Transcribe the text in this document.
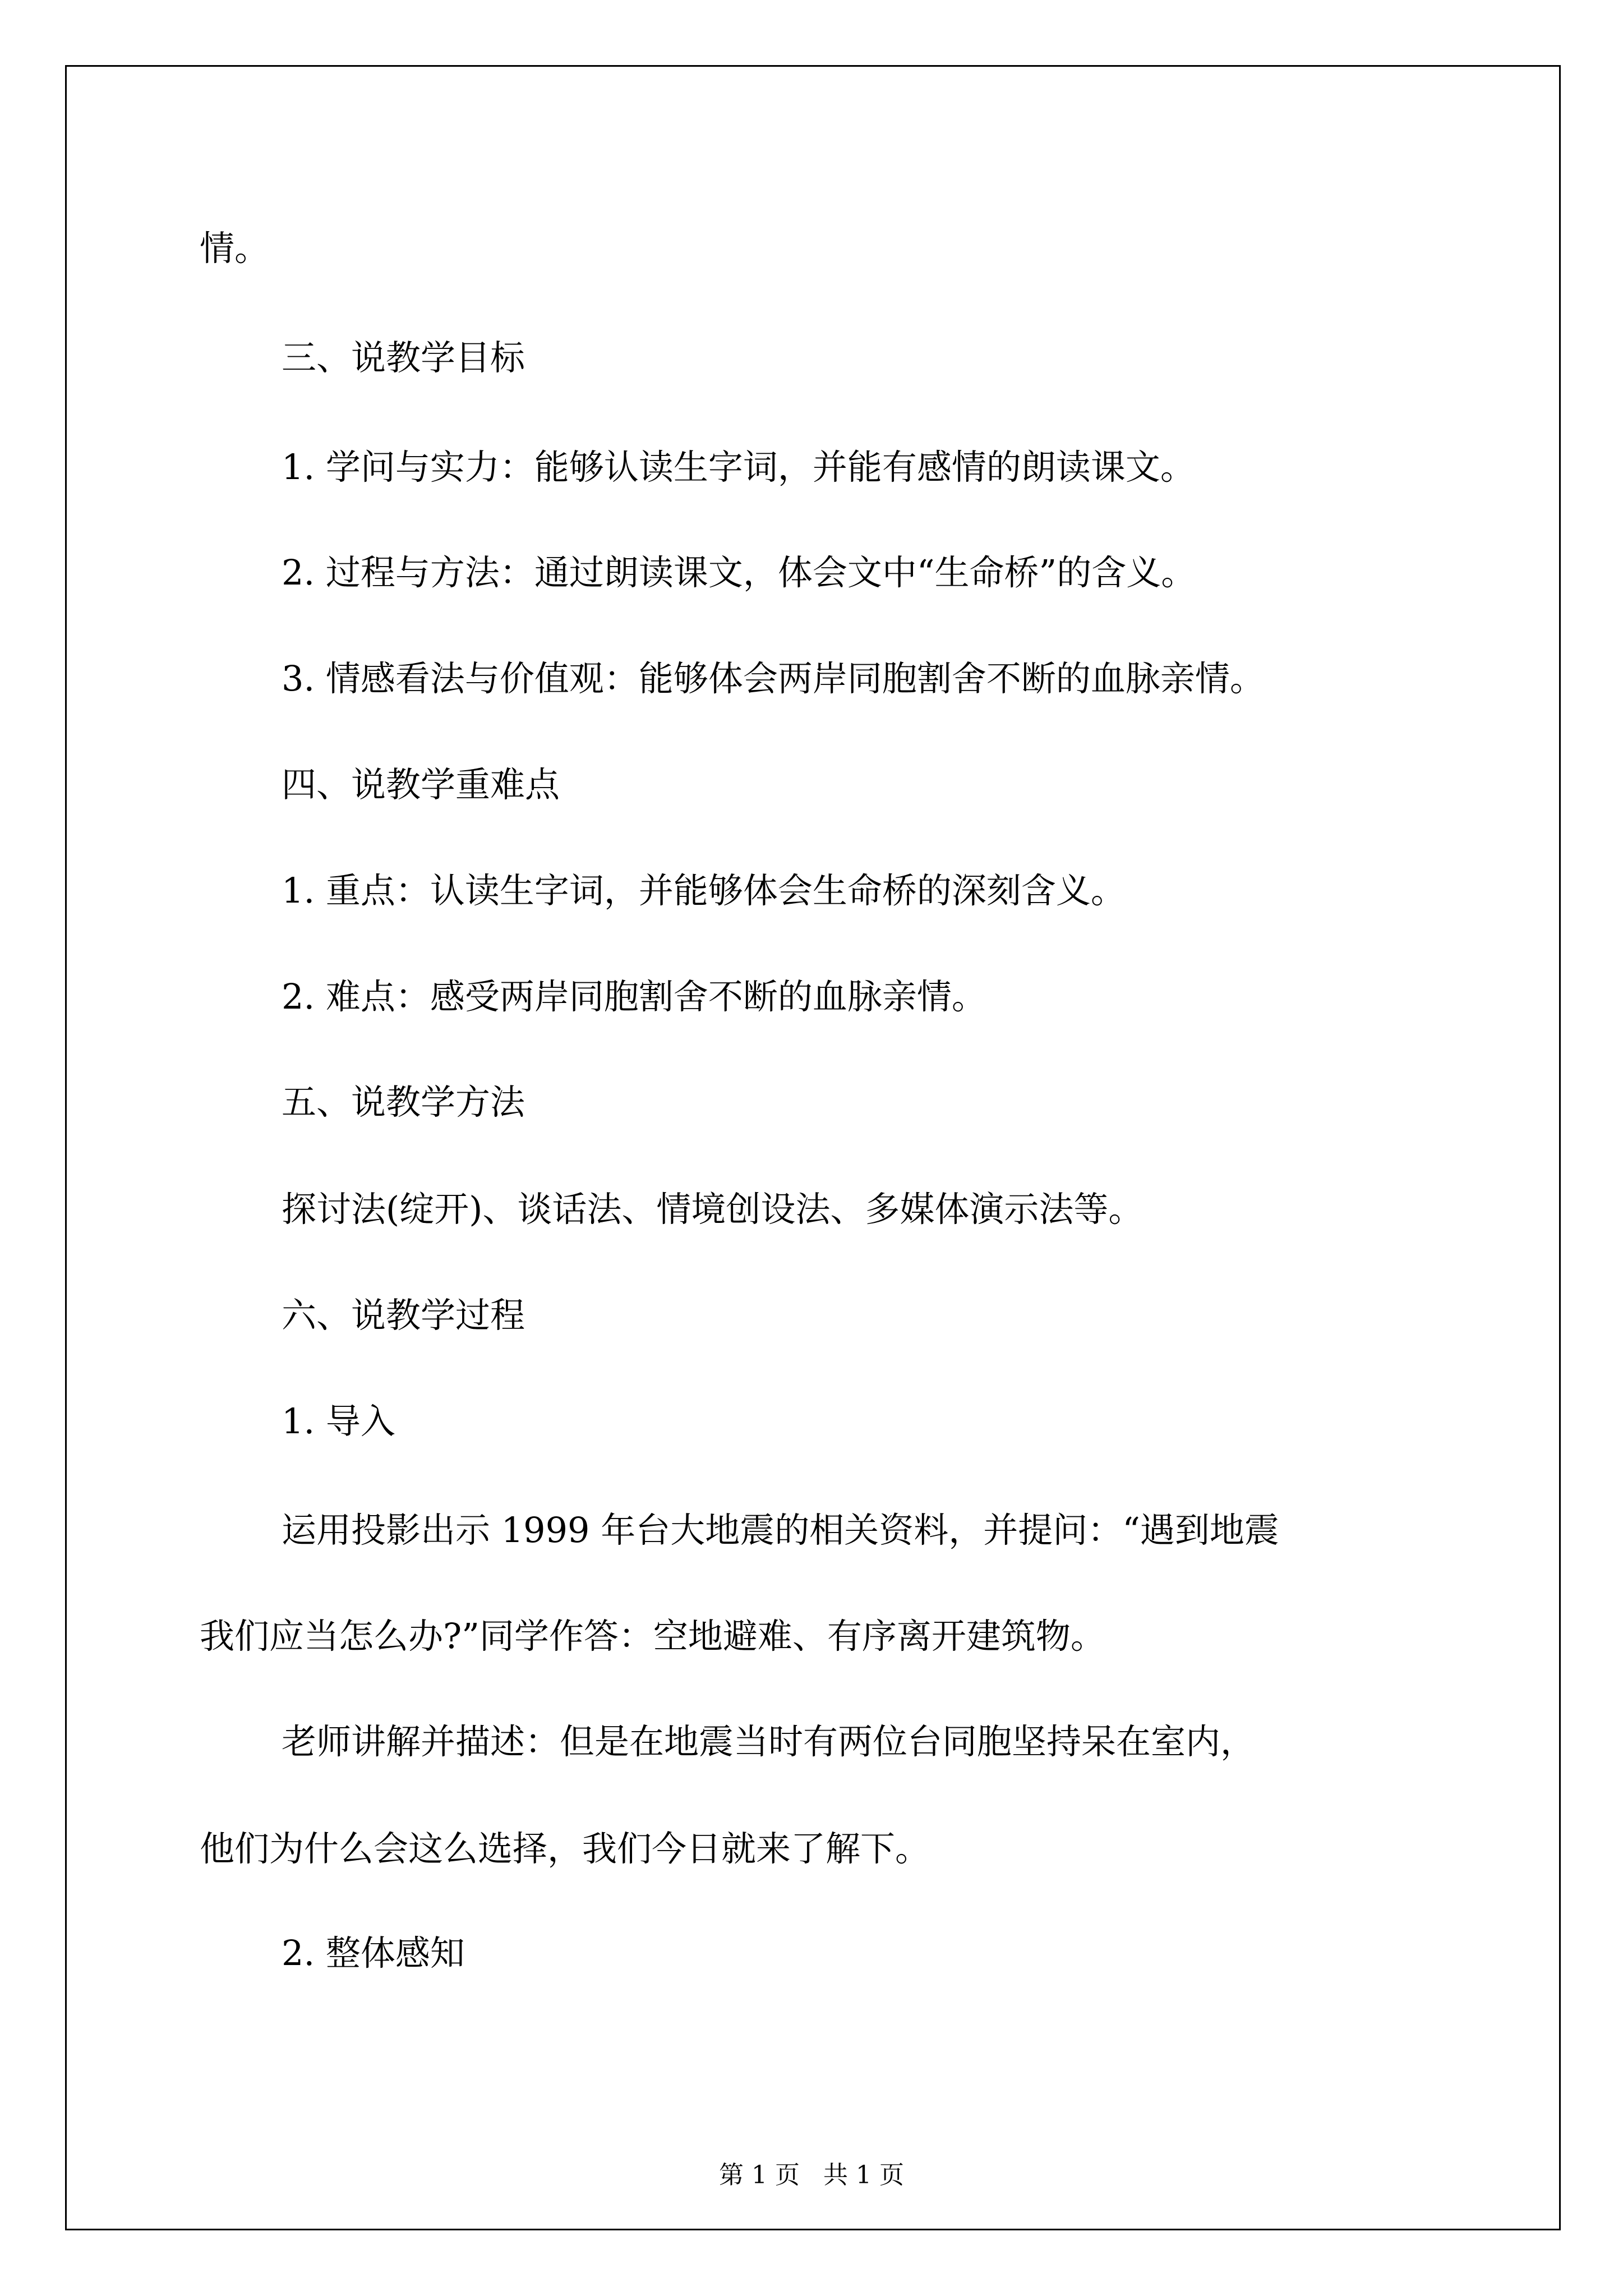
情。
三、说教学目标
1. 学问与实力：能够认读生字词，并能有感情的朗读课文。
2. 过程与方法：通过朗读课文，体会文中“生命桥”的含义。
3. 情感看法与价值观：能够体会两岸同胞割舍不断的血脉亲情。
四、说教学重难点
1. 重点：认读生字词，并能够体会生命桥的深刻含义。
2. 难点：感受两岸同胞割舍不断的血脉亲情。
五、说教学方法
探讨法(绽开)、谈话法、情境创设法、多媒体演示法等。
六、说教学过程
1. 导入
运用投影出示 1999 年台大地震的相关资料，并提问：“遇到地震
我们应当怎么办?”同学作答：空地避难、有序离开建筑物。
老师讲解并描述：但是在地震当时有两位台同胞坚持呆在室内，
他们为什么会这么选择，我们今日就来了解下。
2. 整体感知
第 1 页   共 1 页
